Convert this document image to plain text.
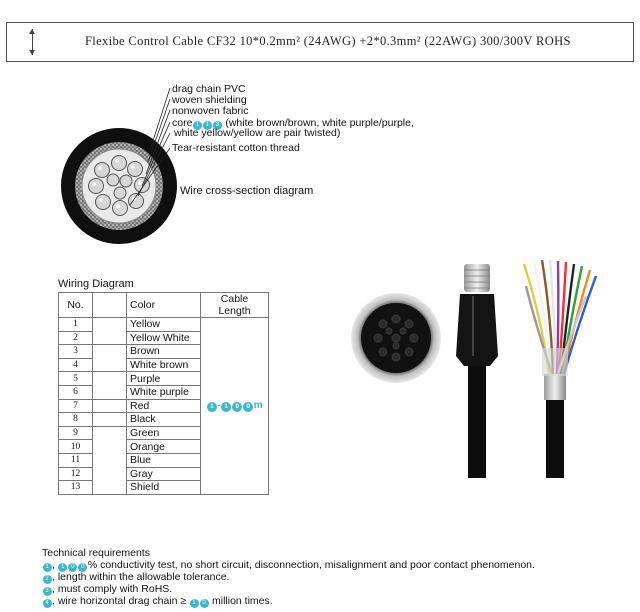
Flexibe Control Cable CF32 10*0.2mm² (24AWG) +2*0.3mm² (22AWG) 300/300V ROHS
drag chain PVC
woven shielding
nonwoven fabric
core 1 1 3 (white brown/brown, white purple/purple,
white yellow/yellow are pair twisted)
Tear-resistant cotton thread
Wire cross-section diagram
Wiring Diagram
No.		Color	Cable Length
1		Yellow	1 - 1 0 0 m
2		Yellow White	
3		Brown	
4		White brown	
5		Purple	
6		White purple	
7		Red	
8		Black	
9		Green	
10		Orange	
11		Blue	
12		Gray	
13		Shield	
Technical requirements
1 , 1 0 0 % conductivity test, no short circuit, disconnection, misalignment and poor contact phenomenon.
2 , length within the allowable tolerance.
3 , must comply with RoHS.
4 , wire horizontal drag chain ≥ 1 0 million times.
